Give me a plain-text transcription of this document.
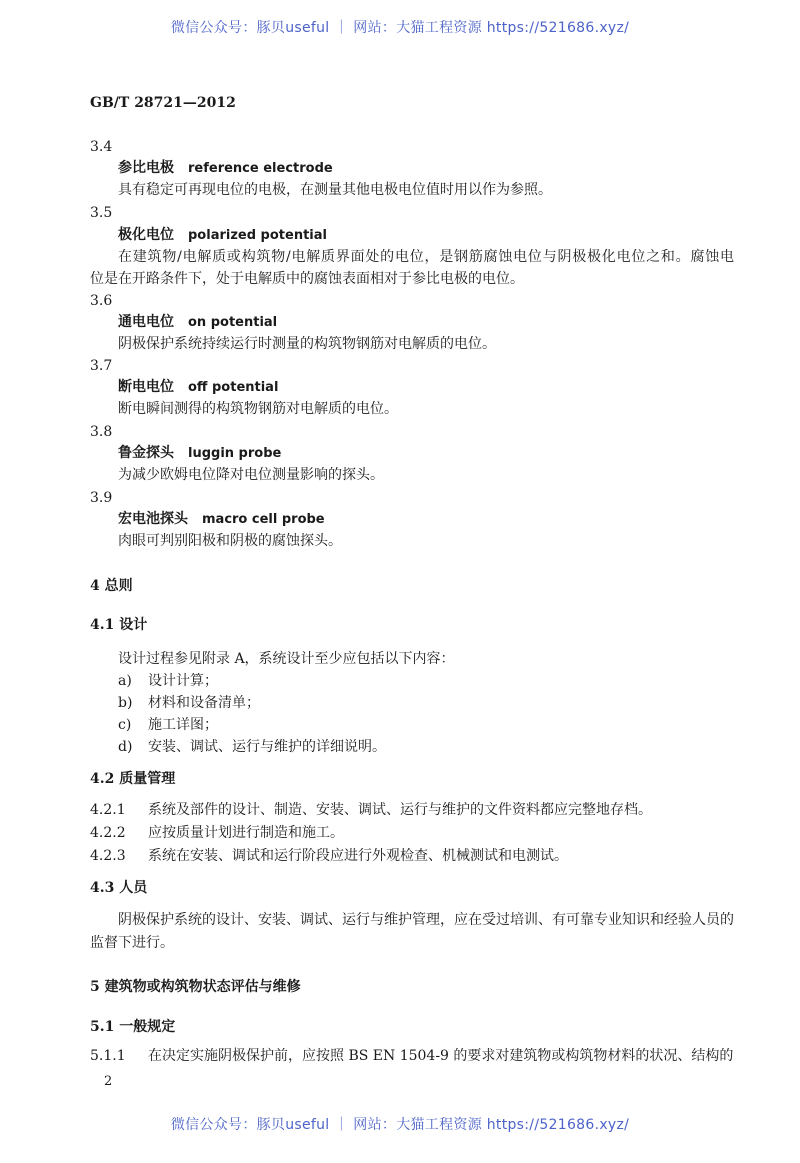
微信公众号：豚贝useful ｜ 网站：大猫工程资源 https://521686.xyz/
GB/T 28721—2012
3.4
参比电极 reference electrode
具有稳定可再现电位的电极，在测量其他电极电位值时用以作为参照。
3.5
极化电位 polarized potential
在建筑物/电解质或构筑物/电解质界面处的电位，是钢筋腐蚀电位与阴极极化电位之和。腐蚀电
位是在开路条件下，处于电解质中的腐蚀表面相对于参比电极的电位。
3.6
通电电位 on potential
阴极保护系统持续运行时测量的构筑物钢筋对电解质的电位。
3.7
断电电位 off potential
断电瞬间测得的构筑物钢筋对电解质的电位。
3.8
鲁金探头 luggin probe
为减少欧姆电位降对电位测量影响的探头。
3.9
宏电池探头 macro cell probe
肉眼可判别阳极和阴极的腐蚀探头。
4 总则
4.1 设计
设计过程参见附录 A，系统设计至少应包括以下内容：
a) 设计计算；
b) 材料和设备清单；
c) 施工详图；
d) 安装、调试、运行与维护的详细说明。
4.2 质量管理
4.2.1 系统及部件的设计、制造、安装、调试、运行与维护的文件资料都应完整地存档。
4.2.2 应按质量计划进行制造和施工。
4.2.3 系统在安装、调试和运行阶段应进行外观检查、机械测试和电测试。
4.3 人员
阴极保护系统的设计、安装、调试、运行与维护管理，应在受过培训、有可靠专业知识和经验人员的
监督下进行。
5 建筑物或构筑物状态评估与维修
5.1 一般规定
5.1.1 在决定实施阴极保护前，应按照 BS EN 1504-9 的要求对建筑物或构筑物材料的状况、结构的
2
微信公众号：豚贝useful ｜ 网站：大猫工程资源 https://521686.xyz/
